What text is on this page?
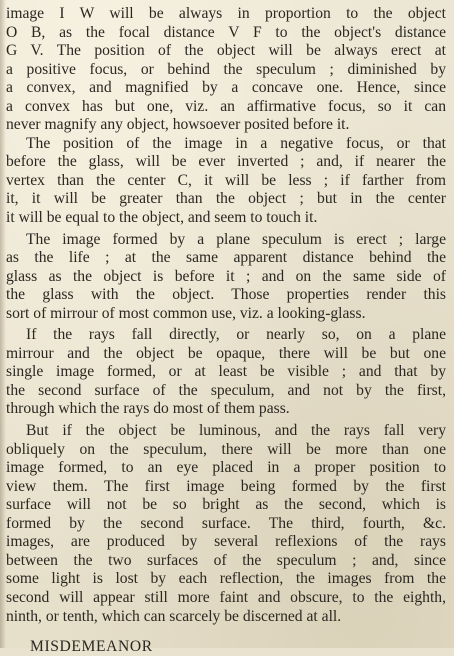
image I W will be always in proportion to the object
O B, as the focal distance V F to the object's distance
G V. The position of the object will be always erect at
a positive focus, or behind the speculum ; diminished by
a convex, and magnified by a concave one. Hence, since
a convex has but one, viz. an affirmative focus, so it can
never magnify any object, howsoever posited before it.
The position of the image in a negative focus, or that
before the glass, will be ever inverted ; and, if nearer the
vertex than the center C, it will be less ; if farther from
it, it will be greater than the object ; but in the center
it will be equal to the object, and seem to touch it.
The image formed by a plane speculum is erect ; large
as the life ; at the same apparent distance behind the
glass as the object is before it ; and on the same side of
the glass with the object. Those properties render this
sort of mirrour of most common use, viz. a looking-glass.
If the rays fall directly, or nearly so, on a plane
mirrour and the object be opaque, there will be but one
single image formed, or at least be visible ; and that by
the second surface of the speculum, and not by the first,
through which the rays do most of them pass.
But if the object be luminous, and the rays fall very
obliquely on the speculum, there will be more than one
image formed, to an eye placed in a proper position to
view them. The first image being formed by the first
surface will not be so bright as the second, which is
formed by the second surface. The third, fourth, &c.
images, are produced by several reflexions of the rays
between the two surfaces of the speculum ; and, since
some light is lost by each reflection, the images from the
second will appear still more faint and obscure, to the eighth,
ninth, or tenth, which can scarcely be discerned at all.
MISDEMEANOR
